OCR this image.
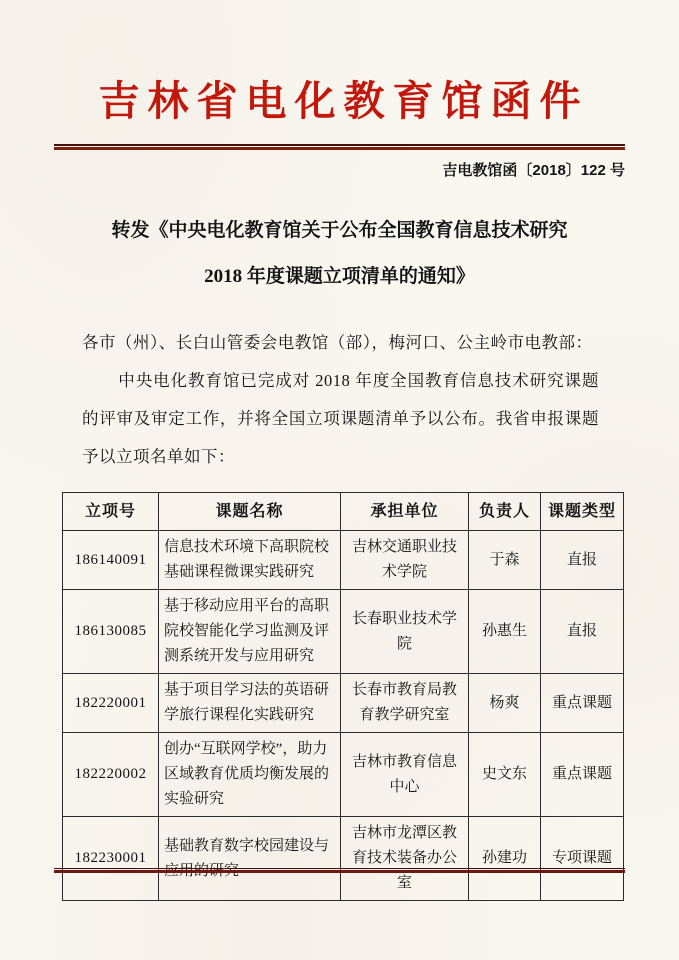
吉林省电化教育馆函件
吉电教馆函〔2018〕122 号
转发《中央电化教育馆关于公布全国教育信息技术研究
2018 年度课题立项清单的通知》

各市（州）、长白山管委会电教馆（部），梅河口、公主岭市电教部：

中央电化教育馆已完成对 2018 年度全国教育信息技术研究课题的评审及审定工作，并将全国立项课题清单予以公布。我省申报课题予以立项名单如下：

立项号	课题名称	承担单位	负责人	课题类型
186140091	信息技术环境下高职院校基础课程微课实践研究	吉林交通职业技术学院	于森	直报
186130085	基于移动应用平台的高职院校智能化学习监测及评测系统开发与应用研究	长春职业技术学院	孙惠生	直报
182220001	基于项目学习法的英语研学旅行课程化实践研究	长春市教育局教育教学研究室	杨爽	重点课题
182220002	创办“互联网学校”，助力区域教育优质均衡发展的实验研究	吉林市教育信息中心	史文东	重点课题
182230001	基础教育数字校园建设与应用的研究	吉林市龙潭区教育技术装备办公室	孙建功	专项课题
